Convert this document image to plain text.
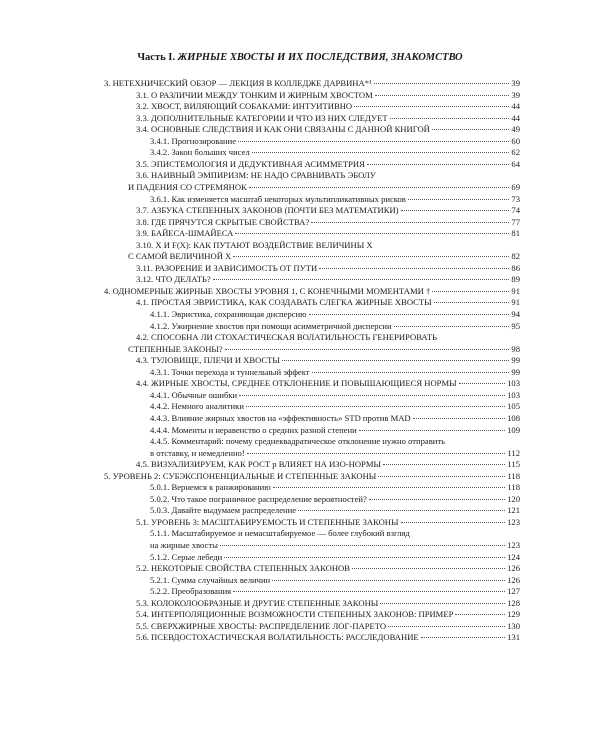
Часть I. ЖИРНЫЕ ХВОСТЫ И ИХ ПОСЛЕДСТВИЯ, ЗНАКОМСТВО
3. НЕТЕХНИЧЕСКИЙ ОБЗОР — ЛЕКЦИЯ В КОЛЛЕДЖЕ ДАРВИНА*¹	39
3.1. О РАЗЛИЧИИ МЕЖДУ ТОНКИМ И ЖИРНЫМ ХВОСТОМ	39
3.2. ХВОСТ, ВИЛЯЮЩИЙ СОБАКАМИ: ИНТУИТИВНО	44
3.3. ДОПОЛНИТЕЛЬНЫЕ КАТЕГОРИИ И ЧТО ИЗ НИХ СЛЕДУЕТ	44
3.4. ОСНОВНЫЕ СЛЕДСТВИЯ И КАК ОНИ СВЯЗАНЫ С ДАННОЙ КНИГОЙ	49
3.4.1. Прогнозирование	60
3.4.2. Закон больших чисел	62
3.5. ЭПИСТЕМОЛОГИЯ И ДЕДУКТИВНАЯ АСИММЕТРИЯ	64
3.6. НАИВНЫЙ ЭМПИРИЗМ: НЕ НАДО СРАВНИВАТЬ ЭБОЛУ
И ПАДЕНИЯ СО СТРЕМЯНОК	69
3.6.1. Как изменяется масштаб некоторых мультипликативных рисков	73
3.7. АЗБУКА СТЕПЕННЫХ ЗАКОНОВ (ПОЧТИ БЕЗ МАТЕМАТИКИ)	74
3.8. ГДЕ ПРЯЧУТСЯ СКРЫТЫЕ СВОЙСТВА?	77
3.9. БАЙЕСА-ШМАЙЕСА	81
3.10. X И F(X): КАК ПУТАЮТ ВОЗДЕЙСТВИЕ ВЕЛИЧИНЫ X
С САМОЙ ВЕЛИЧИНОЙ X	82
3.11. РАЗОРЕНИЕ И ЗАВИСИМОСТЬ ОТ ПУТИ	86
3.12. ЧТО ДЕЛАТЬ?	89
4. ОДНОМЕРНЫЕ ЖИРНЫЕ ХВОСТЫ УРОВНЯ 1, С КОНЕЧНЫМИ МОМЕНТАМИ †	91
4.1. ПРОСТАЯ ЭВРИСТИКА, КАК СОЗДАВАТЬ СЛЕГКА ЖИРНЫЕ ХВОСТЫ	91
4.1.1. Эвристика, сохраняющая дисперсию	94
4.1.2. Ужирнение хвостов при помощи асимметричной дисперсии	95
4.2. СПОСОБНА ЛИ СТОХАСТИЧЕСКАЯ ВОЛАТИЛЬНОСТЬ ГЕНЕРИРОВАТЬ
СТЕПЕННЫЕ ЗАКОНЫ?	98
4.3. ТУЛОВИЩЕ, ПЛЕЧИ И ХВОСТЫ	99
4.3.1. Точки перехода и туннельный эффект	99
4.4. ЖИРНЫЕ ХВОСТЫ, СРЕДНЕЕ ОТКЛОНЕНИЕ И ПОВЫШАЮЩИЕСЯ НОРМЫ	103
4.4.1. Обычные ошибки	103
4.4.2. Немного аналитики	105
4.4.3. Влияние жирных хвостов на «эффективность» STD против MAD	108
4.4.4. Моменты и неравенство о средних разной степени	109
4.4.5. Комментарий: почему среднеквадратическое отклонение нужно отправить
в отставку, и немедленно!	112
4.5. ВИЗУАЛИЗИРУЕМ, КАК РОСТ p ВЛИЯЕТ НА ИЗО-НОРМЫ	115
5. УРОВЕНЬ 2: СУБЭКСПОНЕНЦИАЛЬНЫЕ И СТЕПЕННЫЕ ЗАКОНЫ	118
5.0.1. Вернемся к ранжированию	118
5.0.2. Что такое пограничное распределение вероятностей?	120
5.0.3. Давайте выдумаем распределение	121
5.1. УРОВЕНЬ 3: МАСШТАБИРУЕМОСТЬ И СТЕПЕННЫЕ ЗАКОНЫ	123
5.1.1. Масштабируемое и немасштабируемое — более глубокий взгляд
на жирные хвосты	123
5.1.2. Серые лебеди	124
5.2. НЕКОТОРЫЕ СВОЙСТВА СТЕПЕННЫХ ЗАКОНОВ	126
5.2.1. Сумма случайных величин	126
5.2.2. Преобразования	127
5.3. КОЛОКОЛООБРАЗНЫЕ И ДРУГИЕ СТЕПЕННЫЕ ЗАКОНЫ	128
5.4. ИНТЕРПОЛЯЦИОННЫЕ ВОЗМОЖНОСТИ СТЕПЕННЫХ ЗАКОНОВ: ПРИМЕР	129
5.5. СВЕРХЖИРНЫЕ ХВОСТЫ: РАСПРЕДЕЛЕНИЕ ЛОГ-ПАРЕТО	130
5.6. ПСЕВДОСТОХАСТИЧЕСКАЯ ВОЛАТИЛЬНОСТЬ: РАССЛЕДОВАНИЕ	131
